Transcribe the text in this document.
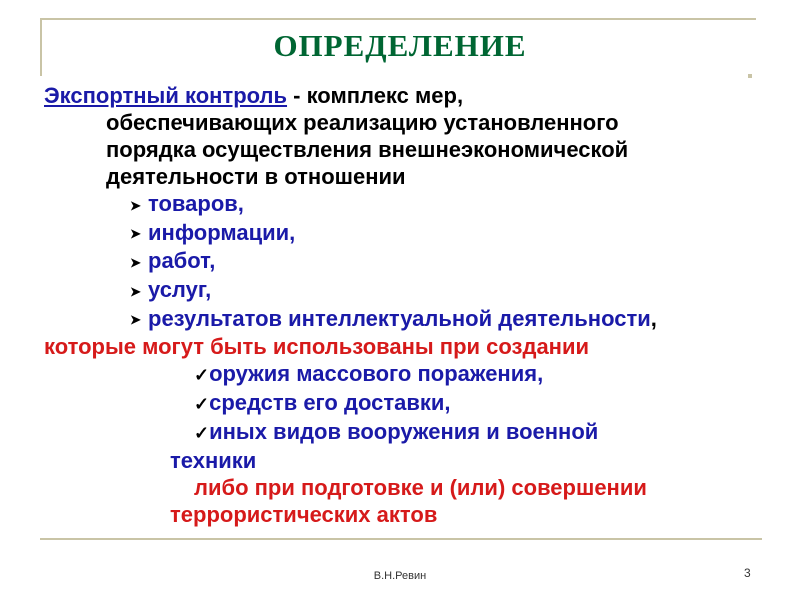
ОПРЕДЕЛЕНИЕ
Экспортный контроль - комплекс мер,
обеспечивающих реализацию установленного
порядка осуществления внешнеэкономической
деятельности в отношении
➤ товаров,
➤ информации,
➤ работ,
➤ услуг,
➤ результатов интеллектуальной деятельности,
которые могут быть использованы при создании
✓оружия массового поражения,
✓средств его доставки,
✓иных видов вооружения и военной
техники
либо при подготовке и (или) совершении
террористических актов
В.Н.Ревин	3
